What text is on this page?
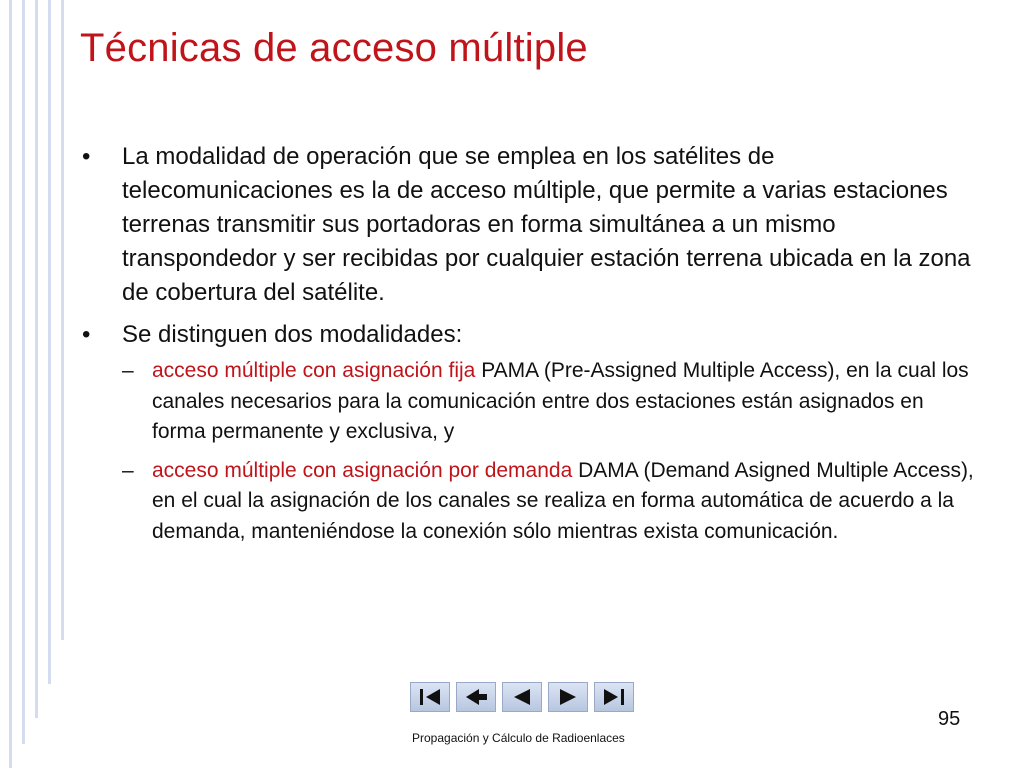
Técnicas de acceso múltiple
• La modalidad de operación que se emplea en los satélites de telecomunicaciones es la de acceso múltiple, que permite a varias estaciones terrenas transmitir sus portadoras en forma simultánea a un mismo transpondedor y ser recibidas por cualquier estación terrena ubicada en la zona de cobertura del satélite.
• Se distinguen dos modalidades:
– acceso múltiple con asignación fija PAMA (Pre-Assigned Multiple Access), en la cual los canales necesarios para la comunicación entre dos estaciones están asignados en forma permanente y exclusiva, y
– acceso múltiple con asignación por demanda DAMA (Demand Asigned Multiple Access), en el cual la asignación de los canales se realiza en forma automática de acuerdo a la demanda, manteniéndose la conexión sólo mientras exista comunicación.
95
Propagación y Cálculo de Radioenlaces
